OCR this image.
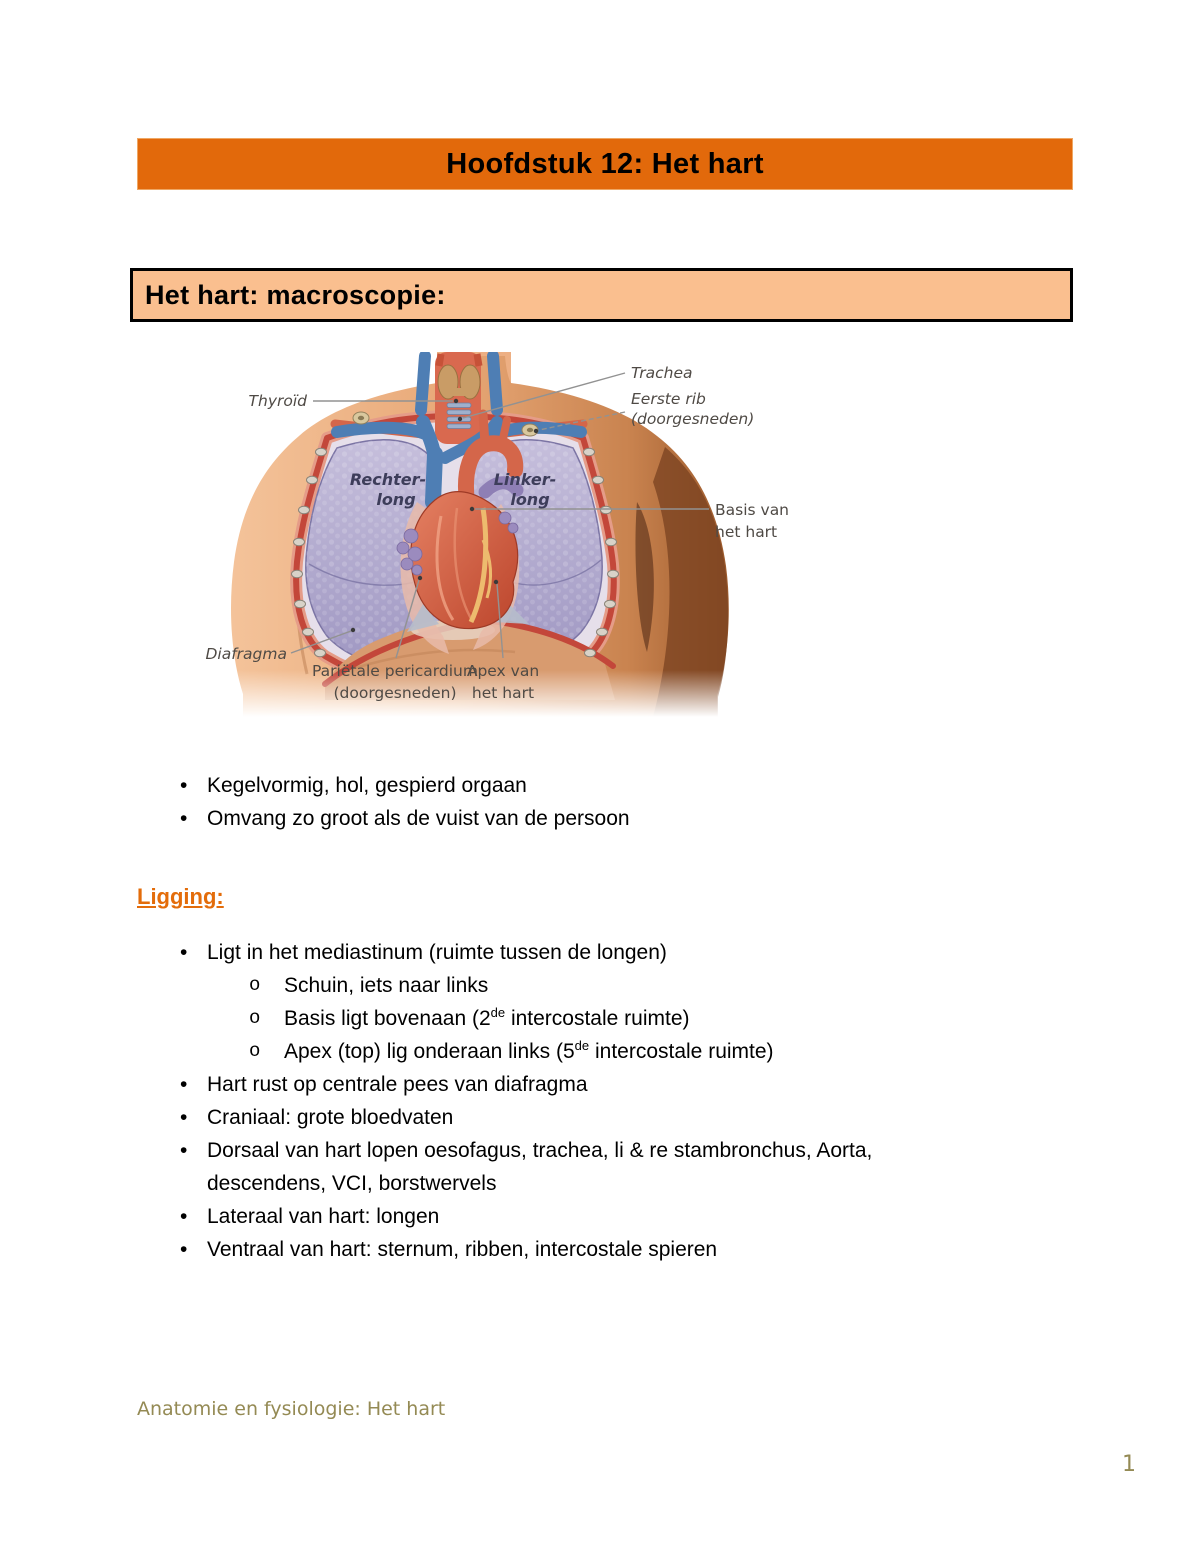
Hoofdstuk 12: Het hart
Het hart: macroscopie:
Thyroïd
Trachea
Eerste rib
(doorgesneden)
Basis van
het hart
Rechter-
long
Linker-
long
Diafragma
Pariëtale pericardium
(doorgesneden)
Apex van
het hart
• Kegelvormig, hol, gespierd orgaan
• Omvang zo groot als de vuist van de persoon
Ligging:
• Ligt in het mediastinum (ruimte tussen de longen)
o Schuin, iets naar links
o Basis ligt bovenaan (2de intercostale ruimte)
o Apex (top) lig onderaan links (5de intercostale ruimte)
• Hart rust op centrale pees van diafragma
• Craniaal: grote bloedvaten
• Dorsaal van hart lopen oesofagus, trachea, li & re stambronchus, Aorta, descendens, VCI, borstwervels
• Lateraal van hart: longen
• Ventraal van hart: sternum, ribben, intercostale spieren
Anatomie en fysiologie: Het hart
1
